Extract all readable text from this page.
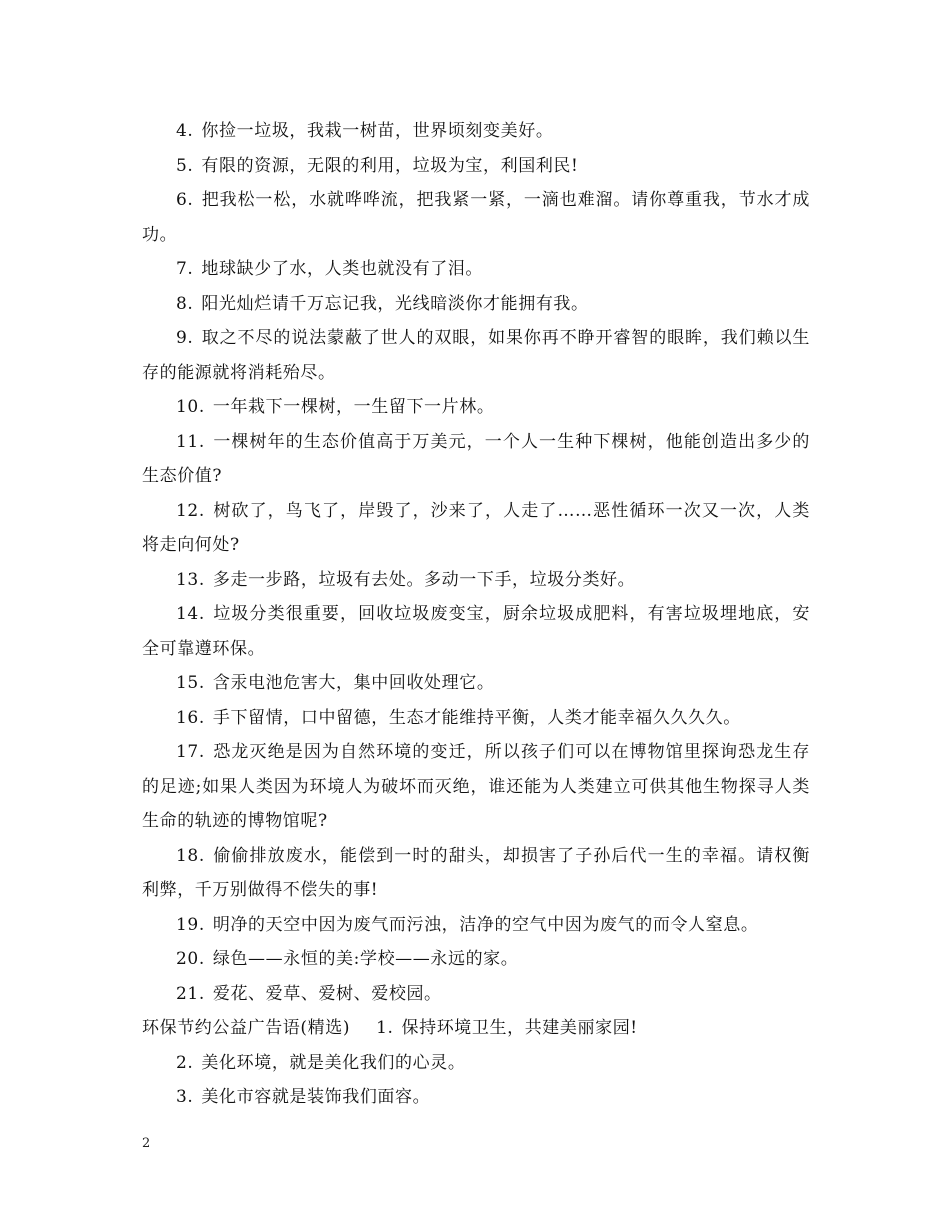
4. 你捡一垃圾，我栽一树苗，世界顷刻变美好。

5. 有限的资源，无限的利用，垃圾为宝，利国利民!

6. 把我松一松，水就哗哗流，把我紧一紧，一滴也难溜。请你尊重我，节水才成功。

7. 地球缺少了水，人类也就没有了泪。

8. 阳光灿烂请千万忘记我，光线暗淡你才能拥有我。

9. 取之不尽的说法蒙蔽了世人的双眼，如果你再不睁开睿智的眼眸，我们赖以生存的能源就将消耗殆尽。

10. 一年栽下一棵树，一生留下一片林。

11. 一棵树年的生态价值高于万美元，一个人一生种下棵树，他能创造出多少的生态价值?

12. 树砍了，鸟飞了，岸毁了，沙来了，人走了……恶性循环一次又一次，人类将走向何处?

13. 多走一步路，垃圾有去处。多动一下手，垃圾分类好。

14. 垃圾分类很重要，回收垃圾废变宝，厨余垃圾成肥料，有害垃圾埋地底，安全可靠遵环保。

15. 含汞电池危害大，集中回收处理它。

16. 手下留情，口中留德，生态才能维持平衡，人类才能幸福久久久久。

17. 恐龙灭绝是因为自然环境的变迁，所以孩子们可以在博物馆里探询恐龙生存的足迹;如果人类因为环境人为破坏而灭绝，谁还能为人类建立可供其他生物探寻人类生命的轨迹的博物馆呢?

18. 偷偷排放废水，能偿到一时的甜头，却损害了子孙后代一生的幸福。请权衡利弊，千万别做得不偿失的事!

19. 明净的天空中因为废气而污浊，洁净的空气中因为废气的而令人窒息。

20. 绿色——永恒的美:学校——永远的家。

21. 爱花、爱草、爱树、爱校园。

环保节约公益广告语(精选) 1. 保持环境卫生，共建美丽家园!

2. 美化环境，就是美化我们的心灵。

3. 美化市容就是装饰我们面容。

2
